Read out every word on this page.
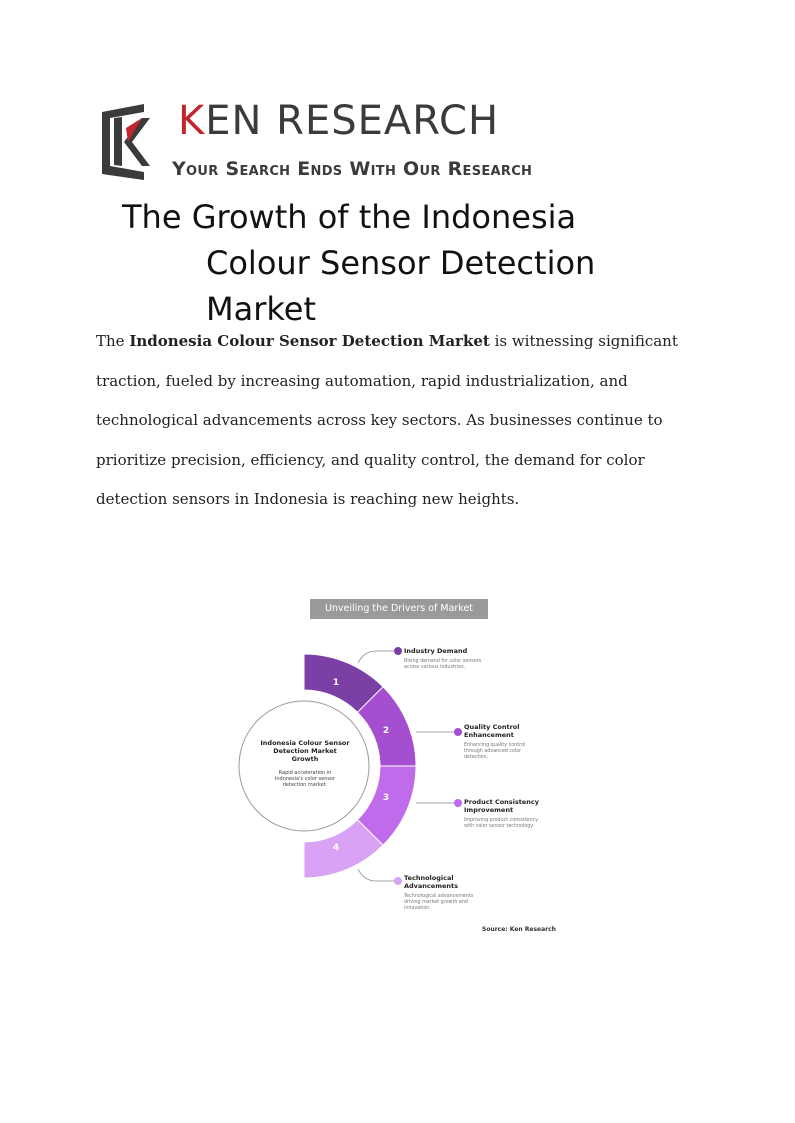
KEN RESEARCH
Your Search Ends With Our Research
The Growth of the Indonesia
Colour Sensor Detection
Market

The Indonesia Colour Sensor Detection Market is witnessing significant traction, fueled by increasing automation, rapid industrialization, and technological advancements across key sectors. As businesses continue to prioritize precision, efficiency, and quality control, the demand for color detection sensors in Indonesia is reaching new heights.

Unveiling the Drivers of Market Growth
Indonesia Colour Sensor Detection Market Growth
Rapid acceleration in Indonesia's color sensor detection market.
1
2
3
4
Industry Demand
Rising demand for color sensors across various industries.
Quality Control Enhancement
Enhancing quality control through advanced color detection.
Product Consistency Improvement
Improving product consistency with color sensor technology.
Technological Advancements
Technological advancements driving market growth and innovation.
Source: Ken Research
